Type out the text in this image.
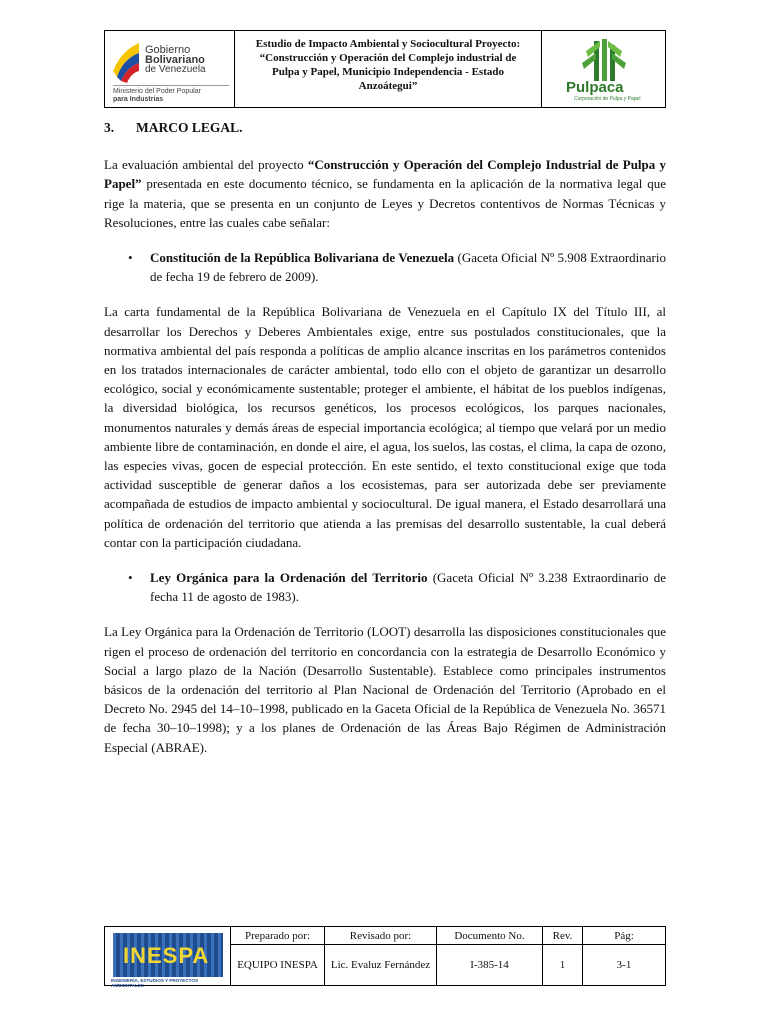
Gobierno
Bolivariano
de Venezuela
Ministerio del Poder Popular
para Industrias
Estudio de Impacto Ambiental y Sociocultural Proyecto:
“Construcción y Operación del Complejo industrial de
Pulpa y Papel, Municipio Independencia - Estado
Anzoátegui”	Pulpaca
Corporación de Pulpa y Papel
3. MARCO LEGAL.

La evaluación ambiental del proyecto “Construcción y Operación del Complejo Industrial de Pulpa y Papel” presentada en este documento técnico, se fundamenta en la aplicación de la normativa legal que rige la materia, que se presenta en un conjunto de Leyes y Decretos contentivos de Normas Técnicas y Resoluciones, entre las cuales cabe señalar:

• Constitución de la República Bolivariana de Venezuela (Gaceta Oficial Nº 5.908 Extraordinario de fecha 19 de febrero de 2009).

La carta fundamental de la República Bolivariana de Venezuela en el Capítulo IX del Título III, al desarrollar los Derechos y Deberes Ambientales exige, entre sus postulados constitucionales, que la normativa ambiental del país responda a políticas de amplio alcance inscritas en los parámetros contenidos en los tratados internacionales de carácter ambiental, todo ello con el objeto de garantizar un desarrollo ecológico, social y económicamente sustentable; proteger el ambiente, el hábitat de los pueblos indígenas, la diversidad biológica, los recursos genéticos, los procesos ecológicos, los parques nacionales, monumentos naturales y demás áreas de especial importancia ecológica; al tiempo que velará por un medio ambiente libre de contaminación, en donde el aire, el agua, los suelos, las costas, el clima, la capa de ozono, las especies vivas, gocen de especial protección. En este sentido, el texto constitucional exige que toda actividad susceptible de generar daños a los ecosistemas, para ser autorizada debe ser previamente acompañada de estudios de impacto ambiental y sociocultural. De igual manera, el Estado desarrollará una política de ordenación del territorio que atienda a las premisas del desarrollo sustentable, la cual deberá contar con la participación ciudadana.

• Ley Orgánica para la Ordenación del Territorio (Gaceta Oficial Nº 3.238 Extraordinario de fecha 11 de agosto de 1983).

La Ley Orgánica para la Ordenación de Territorio (LOOT) desarrolla las disposiciones constitucionales que rigen el proceso de ordenación del territorio en concordancia con la estrategia de Desarrollo Económico y Social a largo plazo de la Nación (Desarrollo Sustentable). Establece como principales instrumentos básicos de la ordenación del territorio al Plan Nacional de Ordenación del Territorio (Aprobado en el Decreto No. 2945 del 14–10–1998, publicado en la Gaceta Oficial de la República de Venezuela No. 36571 de fecha 30–10–1998); y a los planes de Ordenación de las Áreas Bajo Régimen de Administración Especial (ABRAE).

INESPA
INGENIERÍA, ESTUDIOS Y PROYECTOS AMBIENTALES
Preparado por:	Revisado por:	Documento No.	Rev.	Pág:
EQUIPO INESPA	Lic. Evaluz Fernández	I-385-14	1	3-1
